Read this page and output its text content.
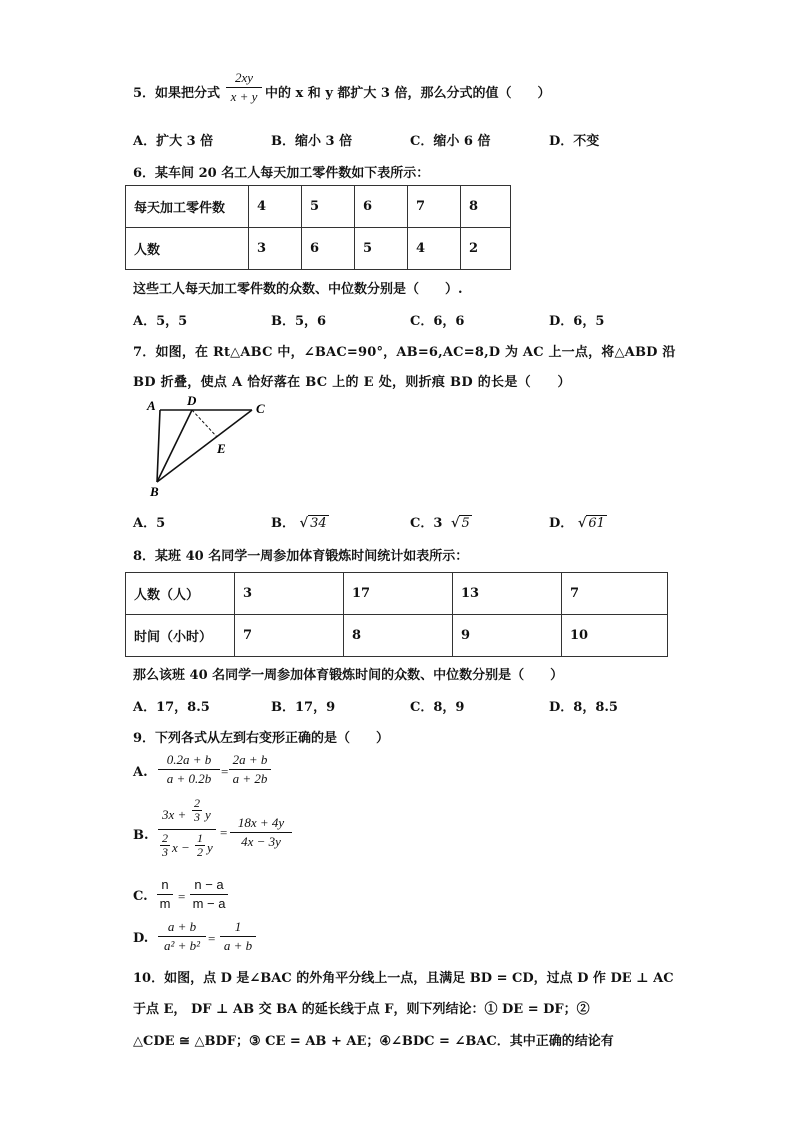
5．如果把分式
2xy
x + y 中的 x 和 y 都扩大 3 倍，那么分式的值（　　）
A．扩大 3 倍	B．缩小 3 倍	C．缩小 6 倍	D．不变
6．某车间 20 名工人每天加工零件数如下表所示：
每天加工零件数	4	5	6	7	8
人数	3	6	5	4	2
这些工人每天加工零件数的众数、中位数分别是（　　）.
A．5，5	B．5，6	C．6，6	D．6，5
7．如图，在 Rt△ABC 中，∠BAC=90°，AB=6,AC=8,D 为 AC 上一点，将△ABD 沿
BD 折叠，使点 A 恰好落在 BC 上的 E 处，则折痕 BD 的长是（　　）
A D
C
E
B
A．5	B． √ 34	C．3 √ 5	D． √ 61
8．某班 40 名同学一周参加体育锻炼时间统计如表所示：
人数（人）	3	17	13	7
时间（小时）	7	8	9	10
那么该班 40 名同学一周参加体育锻炼时间的众数、中位数分别是（　　）
A．17，8.5	B．17，9	C．8，9	D．8，8.5
9．下列各式从左到右变形正确的是（　　）
A.
0.2a + b
a + 0.2b =
2a + b
a + 2b
B.
$3x + \frac{2}{3}$ y
$\frac{2}{3}$ $x - \frac{1}{2}$ y
=
18x + 4y
4x − 3y
C.
n
m =
n − a
m − a
D.
a + b
a² + b² =
1
a + b
10．如图，点 D 是∠BAC 的外角平分线上一点，且满足 BD = CD，过点 D 作 DE ⊥ AC
于点 E， DF ⊥ AB 交 BA 的延长线于点 F，则下列结论：① DE = DF；②
△CDE ≅ △BDF；③ CE = AB + AE；④∠BDC = ∠BAC．其中正确的结论有
